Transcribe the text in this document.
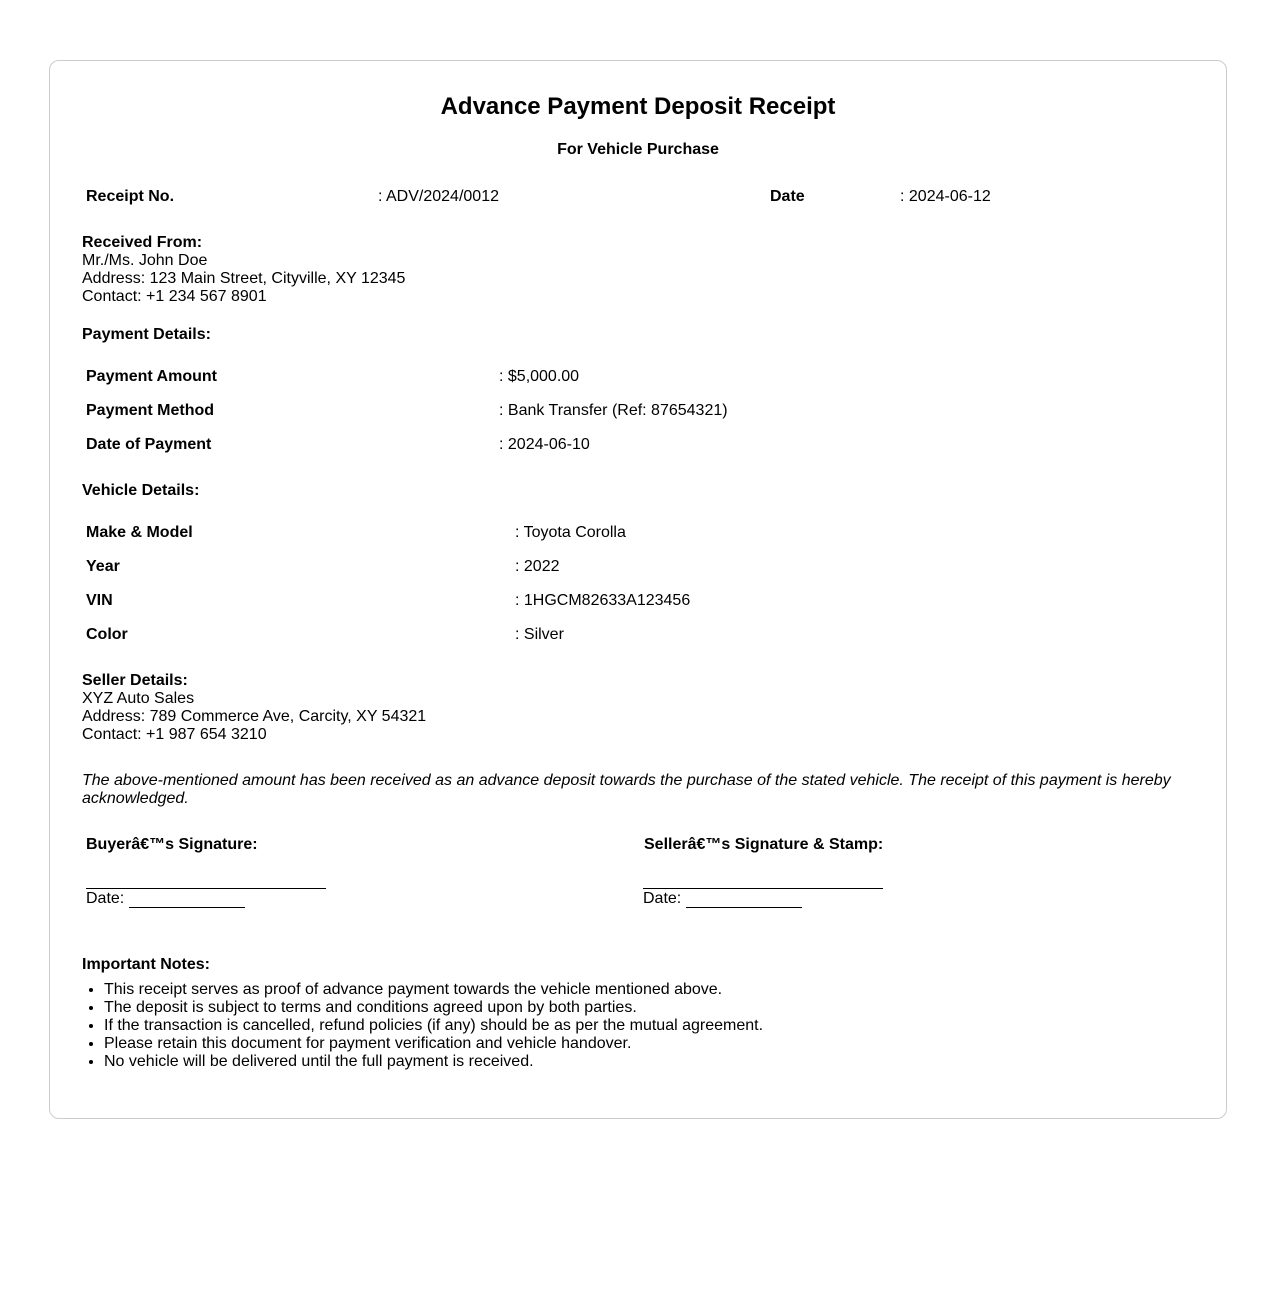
Advance Payment Deposit Receipt
For Vehicle Purchase
Receipt No.	: ADV/2024/0012	Date	: 2024-06-12
Received From:
Mr./Ms. John Doe
Address: 123 Main Street, Cityville, XY 12345
Contact: +1 234 567 8901
Payment Details:
Payment Amount	: $5,000.00
Payment Method	: Bank Transfer (Ref: 87654321)
Date of Payment	: 2024-06-10
Vehicle Details:
Make & Model	: Toyota Corolla
Year	: 2022
VIN	: 1HGCM82633A123456
Color	: Silver
Seller Details:
XYZ Auto Sales
Address: 789 Commerce Ave, Carcity, XY 54321
Contact: +1 987 654 3210
The above-mentioned amount has been received as an advance deposit towards the purchase of the stated vehicle. The receipt of this payment is hereby acknowledged.
Buyerâ€™s Signature:
Date:
Sellerâ€™s Signature & Stamp:
Date:
Important Notes:
• This receipt serves as proof of advance payment towards the vehicle mentioned above.
• The deposit is subject to terms and conditions agreed upon by both parties.
• If the transaction is cancelled, refund policies (if any) should be as per the mutual agreement.
• Please retain this document for payment verification and vehicle handover.
• No vehicle will be delivered until the full payment is received.
